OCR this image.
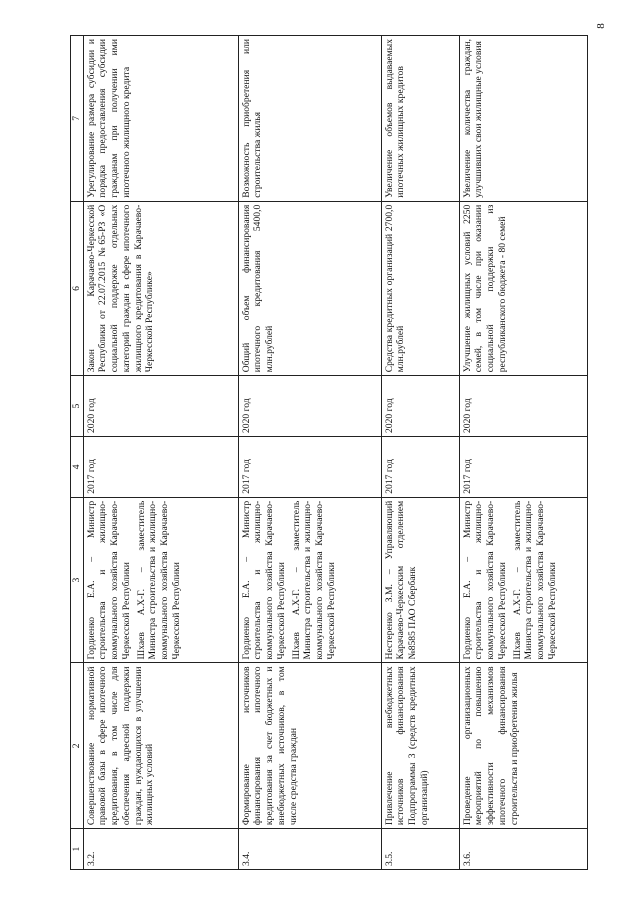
8
1	2	3	4	5	6	7
3.2.	Совершенствование нормативной правовой базы в сфере ипотечного кредитования, в том числе для обеспечения адресной поддержки граждан, нуждающихся в улучшении жилищных условий	Гордиенко Е.А. – Министр строительства и жилищно-коммунального хозяйства Карачаево-Черкесской Республики Шхаев А.Х-Г. – заместитель Министра строительства и жилищно-коммунального хозяйства Карачаево-Черкесской Республики	2017 год	2020 год	Закон Карачаево-Черкесской Республики от 22.07.2015 №65-РЗ «О социальной поддержке отдельных категорий граждан в сфере ипотечного жилищного кредитования в Карачаево-Черкесской Республике»	Урегулирование размера субсидии и порядка предоставления субсидии гражданам при получении ими ипотечного жилищного кредита
3.4.	Формирование источников финансирования ипотечного кредитования за счет бюджетных и внебюджетных источников, в том числе средства граждан	Гордиенко Е.А. – Министр строительства и жилищно-коммунального хозяйства Карачаево-Черкесской Республики Шхаев А.Х-Г. – заместитель Министра строительства и жилищно-коммунального хозяйства Карачаево-Черкесской Республики	2017 год	2020 год	Общий объем финансирования ипотечного кредитования 5400,0 млн.рублей	Возможность приобретения или строительства жилья
3.5.	Привлечение внебюджетных источников финансирования Подпрограммы 3 (средств кредитных организаций)	Нестеренко З.М. – Управляющий Карачаево-Черкесским отделением №8585 ПАО Сбербанк	2017 год	2020 год	Средства кредитных организаций 2700,0 млн.рублей	Увеличение объемов выдаваемых ипотечных жилищных кредитов
3.6.	Проведение организационных мероприятий по повышению эффективности механизмов ипотечного финансирования строительства и приобретения жилья	Гордиенко Е.А. – Министр строительства и жилищно-коммунального хозяйства Карачаево-Черкесской Республики Шхаев А.Х-Г. – заместитель Министра строительства и жилищно-коммунального хозяйства Карачаево-Черкесской Республики	2017 год	2020 год	Улучшение жилищных условий 2250 семей, в том числе при оказании социальной поддержки из республиканского бюджета - 80 семей	Увеличение количества граждан, улучшивших свои жилищные условия
